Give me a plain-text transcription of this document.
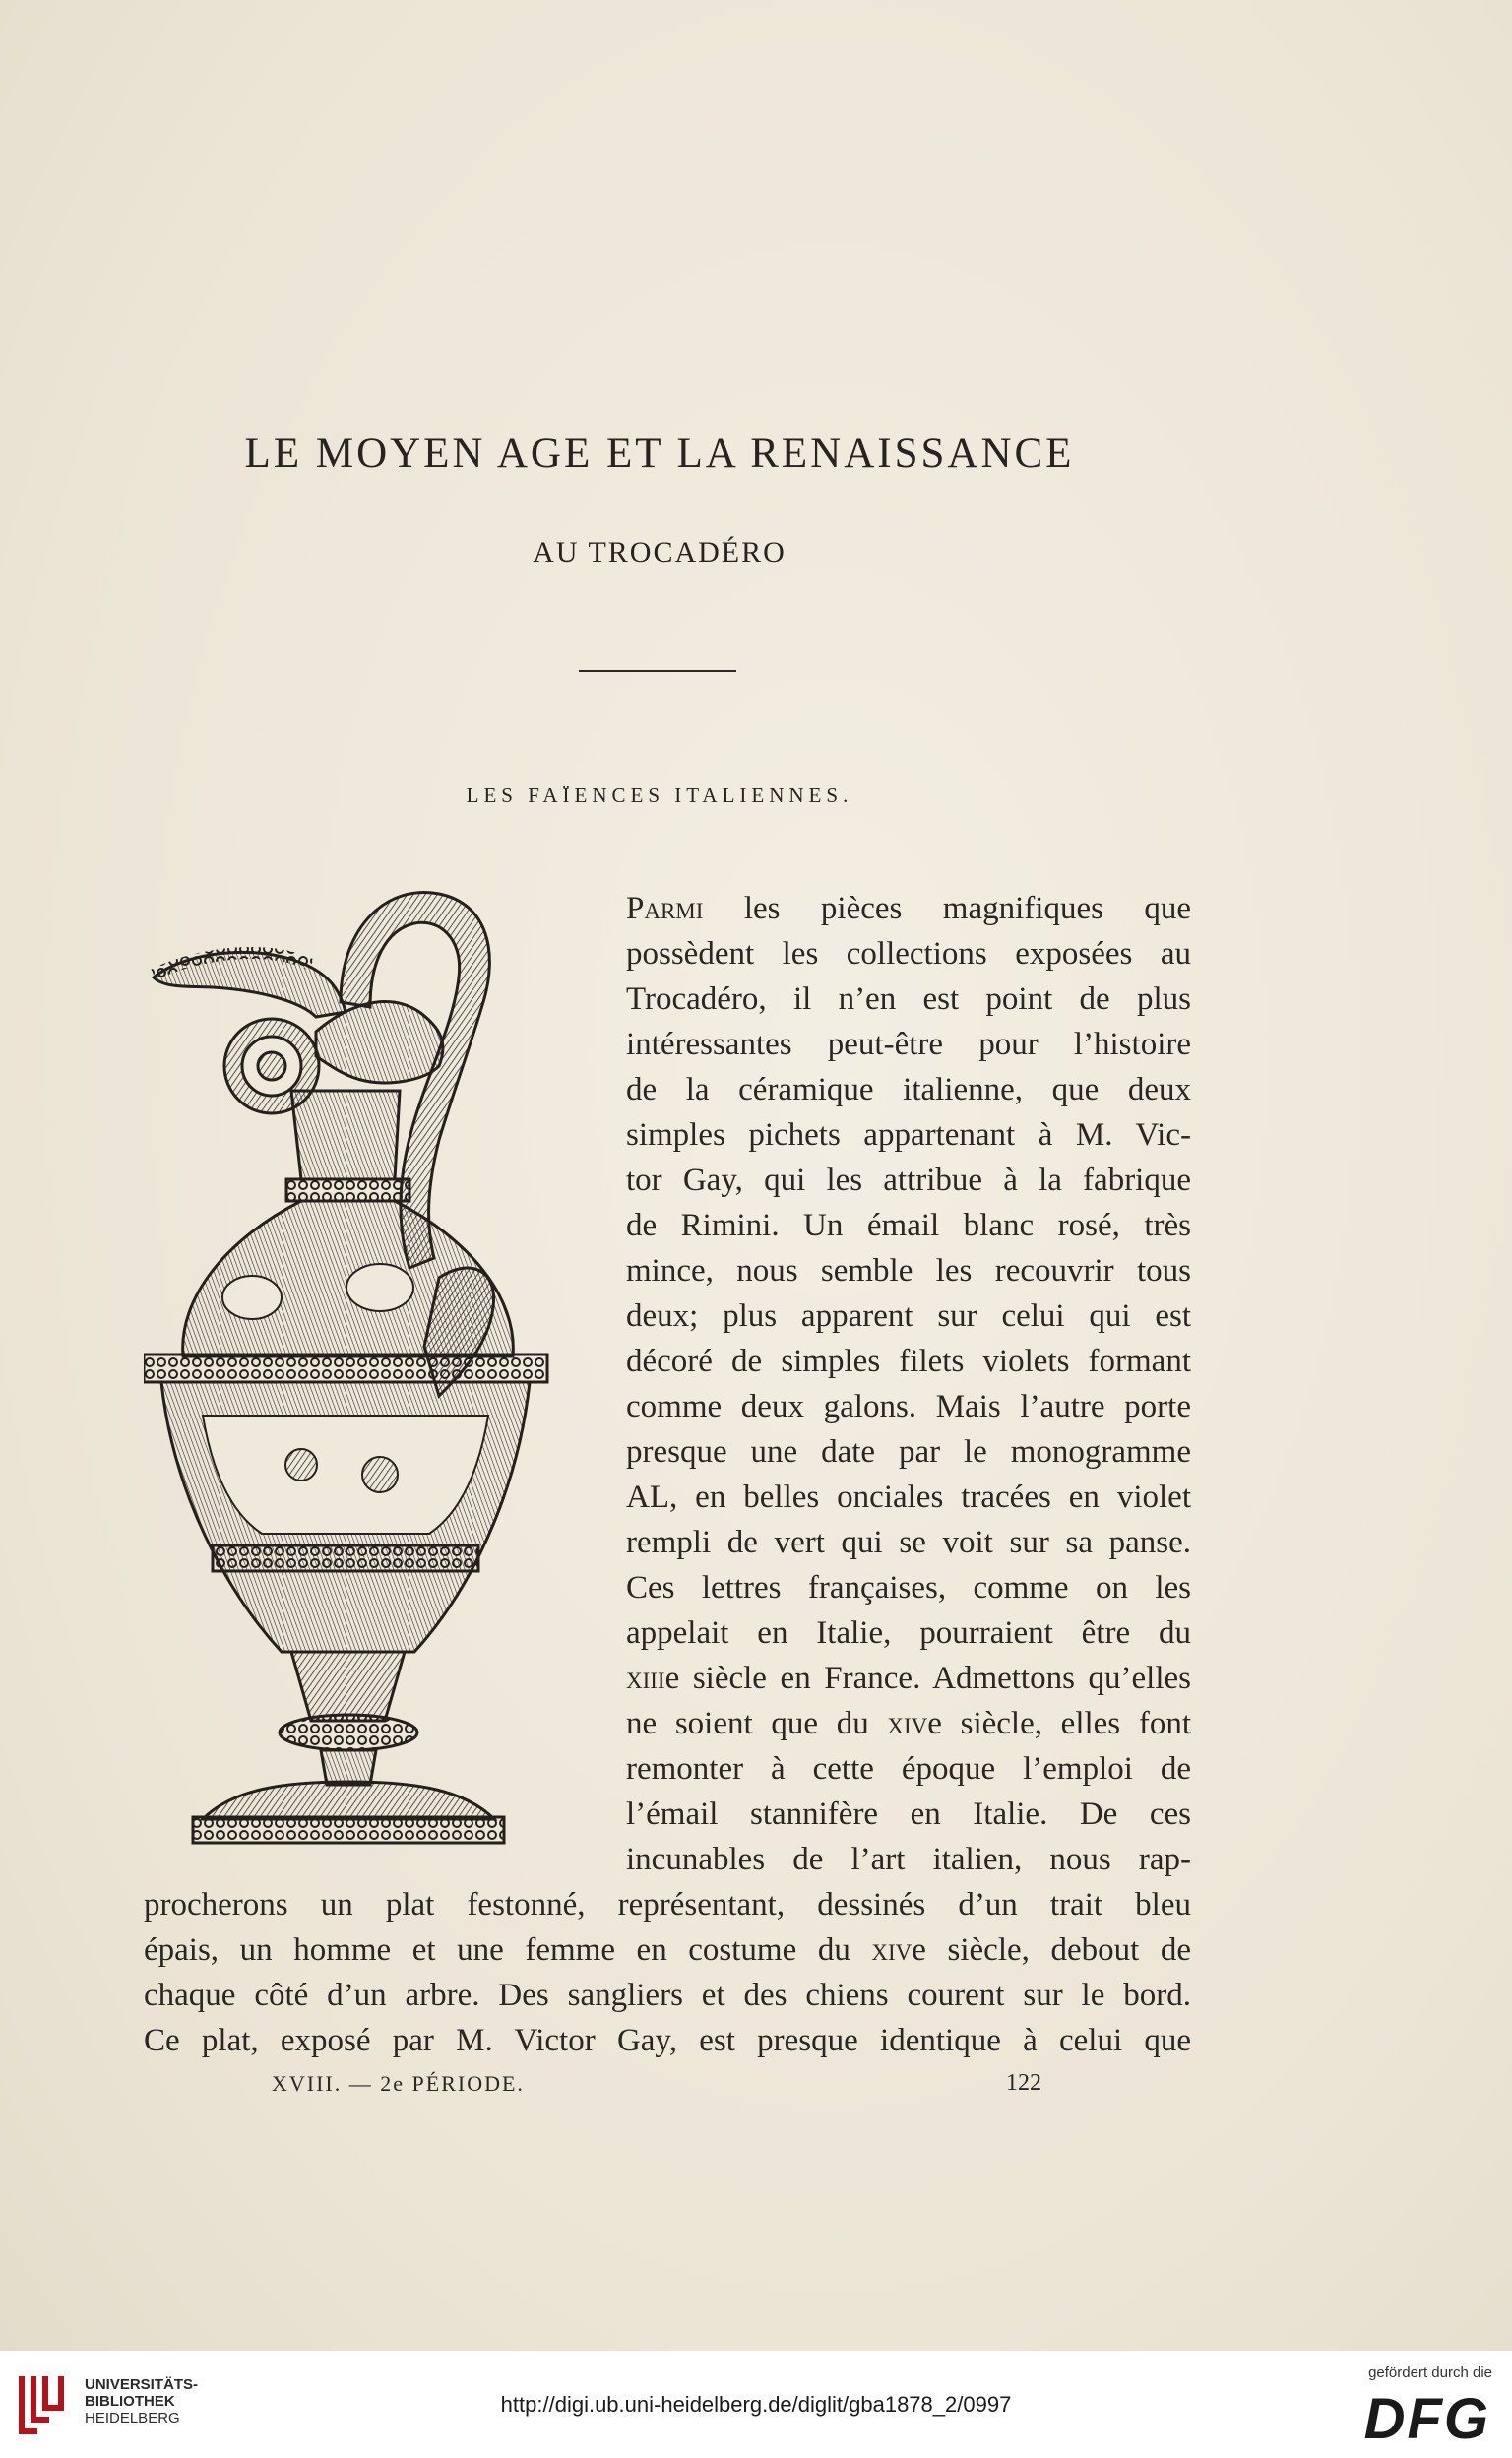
LE MOYEN AGE ET LA RENAISSANCE
AU TROCADÉRO
LES FAÏENCES ITALIENNES.
Parmi les pièces magnifiques que
possèdent les collections exposées au
Trocadéro, il n’en est point de plus
intéressantes peut-être pour l’histoire
de la céramique italienne, que deux
simples pichets appartenant à M. Vic-
tor Gay, qui les attribue à la fabrique
de Rimini. Un émail blanc rosé, très
mince, nous semble les recouvrir tous
deux; plus apparent sur celui qui est
décoré de simples filets violets formant
comme deux galons. Mais l’autre porte
presque une date par le monogramme
AL, en belles onciales tracées en violet
rempli de vert qui se voit sur sa panse.
Ces lettres françaises, comme on les
appelait en Italie, pourraient être du
xiiie siècle en France. Admettons qu’elles
ne soient que du xive siècle, elles font
remonter à cette époque l’emploi de
l’émail stannifère en Italie. De ces
incunables de l’art italien, nous rap-
procherons un plat festonné, représentant, dessinés d’un trait bleu
épais, un homme et une femme en costume du xive siècle, debout de
chaque côté d’un arbre. Des sangliers et des chiens courent sur le bord.
Ce plat, exposé par M. Victor Gay, est presque identique à celui que
XVIII. — 2e PÉRIODE.	122
UNIVERSITÄTS-
BIBLIOTHEK
HEIDELBERG
http://digi.ub.uni-heidelberg.de/diglit/gba1878_2/0997
gefördert durch die
DFG
